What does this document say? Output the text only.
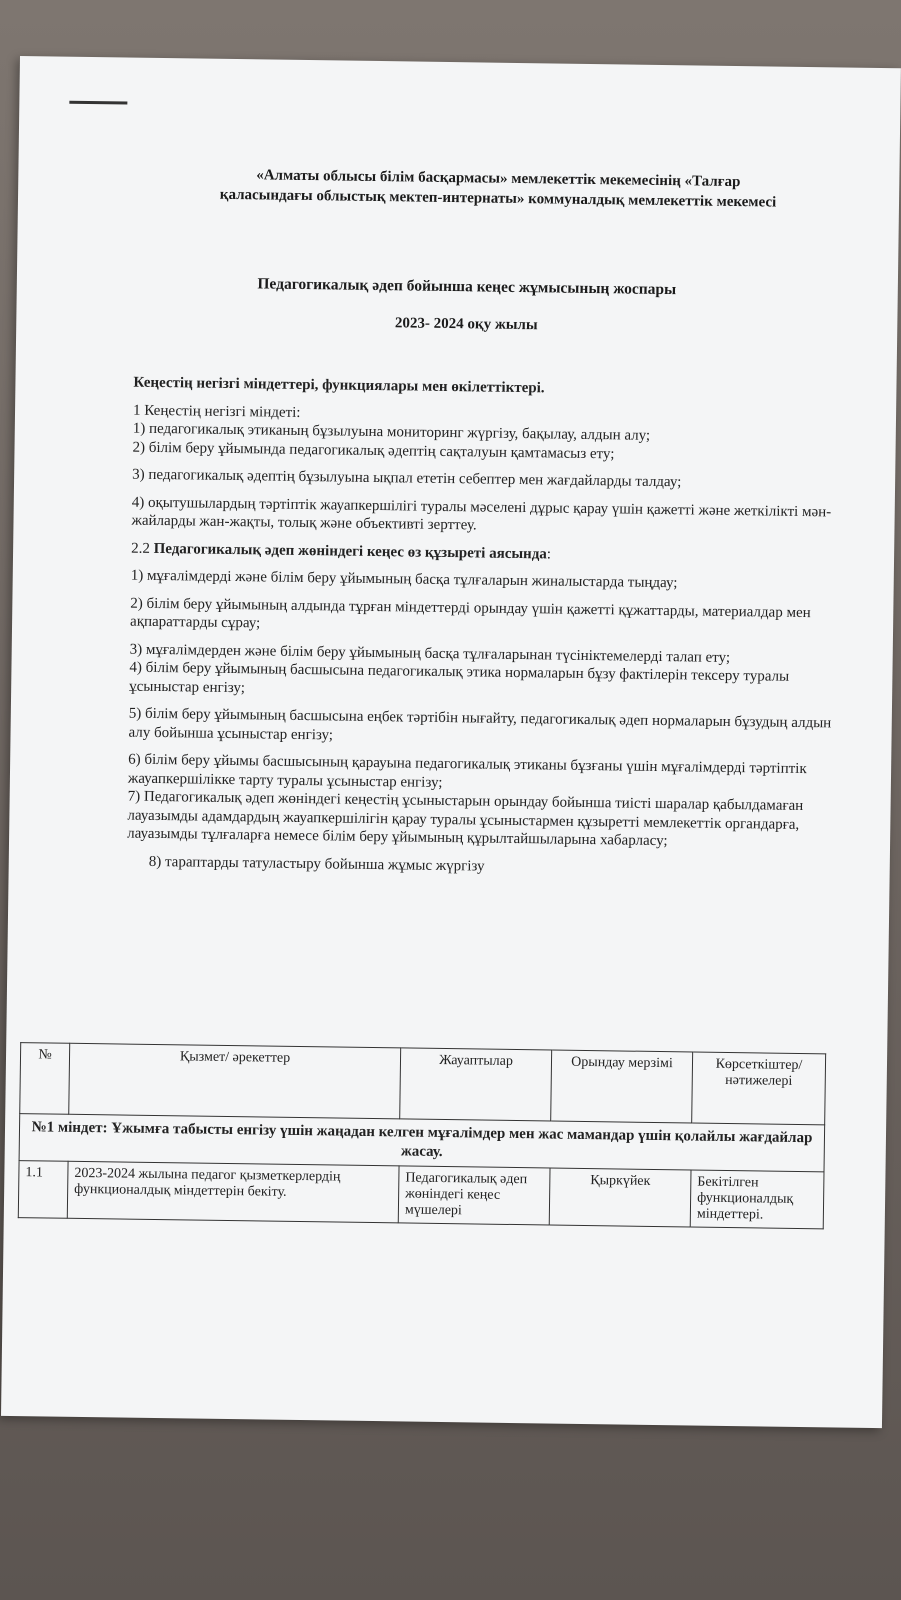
«Алматы облысы білім басқармасы» мемлекеттік мекемесінің «Талғар
қаласындағы облыстық мектеп-интернаты» коммуналдық мемлекеттік мекемесі
Педагогикалық әдеп бойынша кеңес жұмысының жоспары
2023- 2024 оқу жылы

Кеңестің негізгі міндеттері, функциялары мен өкілеттіктері.

1 Кеңестің негізгі міндеті:

1) педагогикалық этиканың бұзылуына мониторинг жүргізу, бақылау, алдын алу;

2) білім беру ұйымында педагогикалық әдептің сақталуын қамтамасыз ету;

3) педагогикалық әдептің бұзылуына ықпал ететін себептер мен жағдайларды талдау;

4) оқытушылардың тәртіптік жауапкершілігі туралы мәселені дұрыс қарау үшін қажетті және жеткілікті мән-жайларды жан-жақты, толық және объективті зерттеу.

2.2 Педагогикалық әдеп жөніндегі кеңес өз құзыреті аясында:

1) мұғалімдерді және білім беру ұйымының басқа тұлғаларын жиналыстарда тыңдау;

2) білім беру ұйымының алдында тұрған міндеттерді орындау үшін қажетті құжаттарды, материалдар мен ақпараттарды сұрау;

3) мұғалімдерден және білім беру ұйымының басқа тұлғаларынан түсініктемелерді талап ету;

4) білім беру ұйымының басшысына педагогикалық этика нормаларын бұзу фактілерін тексеру туралы ұсыныстар енгізу;

5) білім беру ұйымының басшысына еңбек тәртібін нығайту, педагогикалық әдеп нормаларын бұзудың алдын алу бойынша ұсыныстар енгізу;

6) білім беру ұйымы басшысының қарауына педагогикалық этиканы бұзғаны үшін мұғалімдерді тәртіптік жауапкершілікке тарту туралы ұсыныстар енгізу;

7) Педагогикалық әдеп жөніндегі кеңестің ұсыныстарын орындау бойынша тиісті шаралар қабылдамаған лауазымды адамдардың жауапкершілігін қарау туралы ұсыныстармен құзыретті мемлекеттік органдарға, лауазымды тұлғаларға немесе білім беру ұйымының құрылтайшыларына хабарласу;

8) тараптарды татуластыру бойынша жұмыс жүргізу

№	Қызмет/ әрекеттер	Жауаптылар	Орындау мерзімі	Көрсеткіштер/ нәтижелері
№1 міндет: Ұжымға табысты енгізу үшін жаңадан келген мұғалімдер мен жас мамандар үшін қолайлы жағдайлар жасау.				
1.1	2023-2024 жылына педагог қызметкерлердің функционалдық міндеттерін бекіту.	Педагогикалық әдеп жөніндегі кеңес мүшелері	Қыркүйек	Бекітілген функционалдық міндеттері.
